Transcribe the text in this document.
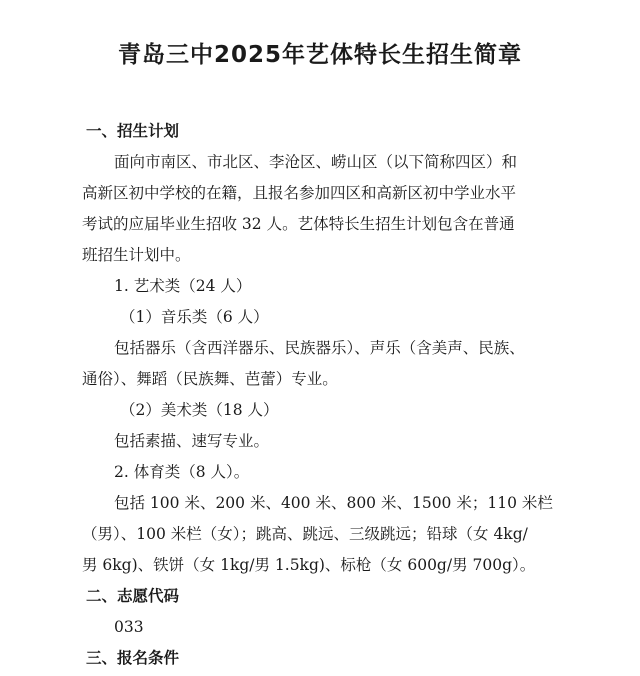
青岛三中2025年艺体特长生招生简章
一、招生计划
面向市南区、市北区、李沧区、崂山区（以下简称四区）和
高新区初中学校的在籍，且报名参加四区和高新区初中学业水平
考试的应届毕业生招收 32 人。艺体特长生招生计划包含在普通
班招生计划中。
1. 艺术类（24 人）
（1）音乐类（6 人）
包括器乐（含西洋器乐、民族器乐）、声乐（含美声、民族、
通俗）、舞蹈（民族舞、芭蕾）专业。
（2）美术类（18 人）
包括素描、速写专业。
2. 体育类（8 人）。
包括 100 米、200 米、400 米、800 米、1500 米；110 米栏
（男）、100 米栏（女）；跳高、跳远、三级跳远；铅球（女 4kg/
男 6kg)、铁饼（女 1kg/男 1.5kg)、标枪（女 600g/男 700g）。
二、志愿代码
033
三、报名条件
